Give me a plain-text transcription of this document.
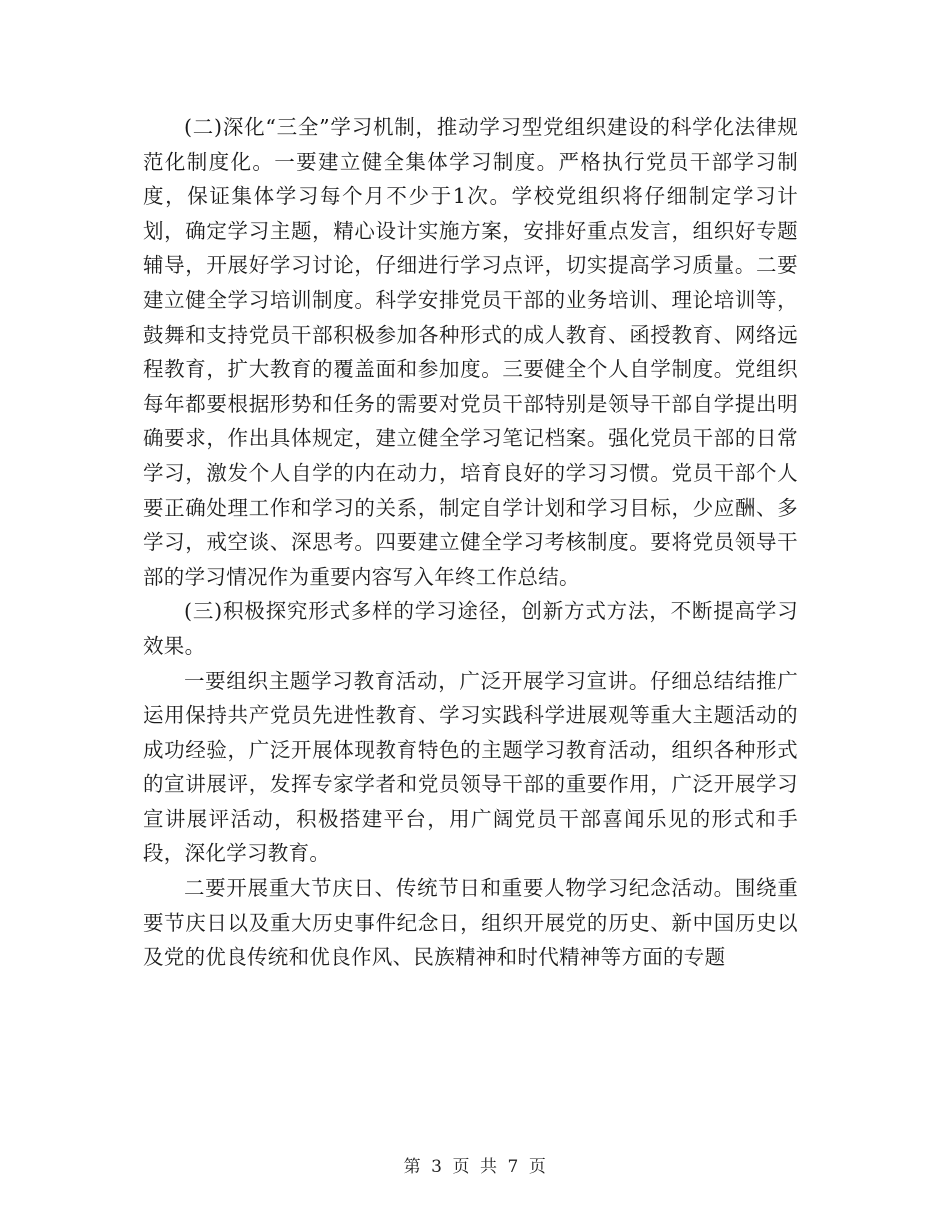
(二)深化“三全”学习机制，推动学习型党组织建设的科学化法律规范化制度化。一要建立健全集体学习制度。严格执行党员干部学习制度，保证集体学习每个月不少于1次。学校党组织将仔细制定学习计划，确定学习主题，精心设计实施方案，安排好重点发言，组织好专题辅导，开展好学习讨论，仔细进行学习点评，切实提高学习质量。二要建立健全学习培训制度。科学安排党员干部的业务培训、理论培训等，鼓舞和支持党员干部积极参加各种形式的成人教育、函授教育、网络远程教育，扩大教育的覆盖面和参加度。三要健全个人自学制度。党组织每年都要根据形势和任务的需要对党员干部特别是领导干部自学提出明确要求，作出具体规定，建立健全学习笔记档案。强化党员干部的日常学习，激发个人自学的内在动力，培育良好的学习习惯。党员干部个人要正确处理工作和学习的关系，制定自学计划和学习目标，少应酬、多学习，戒空谈、深思考。四要建立健全学习考核制度。要将党员领导干部的学习情况作为重要内容写入年终工作总结。

(三)积极探究形式多样的学习途径，创新方式方法，不断提高学习效果。

一要组织主题学习教育活动，广泛开展学习宣讲。仔细总结结推广运用保持共产党员先进性教育、学习实践科学进展观等重大主题活动的成功经验，广泛开展体现教育特色的主题学习教育活动，组织各种形式的宣讲展评，发挥专家学者和党员领导干部的重要作用，广泛开展学习宣讲展评活动，积极搭建平台，用广阔党员干部喜闻乐见的形式和手段，深化学习教育。

二要开展重大节庆日、传统节日和重要人物学习纪念活动。围绕重要节庆日以及重大历史事件纪念日，组织开展党的历史、新中国历史以及党的优良传统和优良作风、民族精神和时代精神等方面的专题

第 3 页 共 7 页
